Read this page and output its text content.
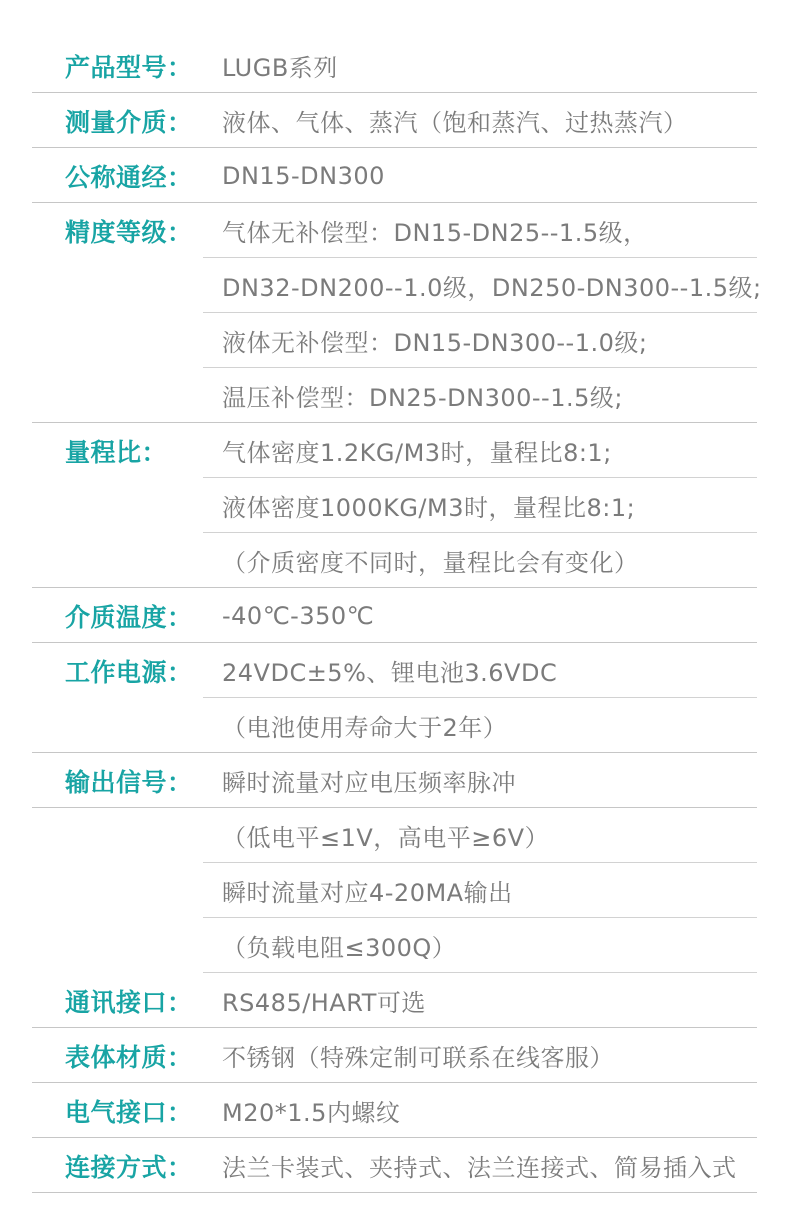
产品型号： LUGB系列
测量介质： 液体、气体、蒸汽（饱和蒸汽、过热蒸汽）
公称通经： DN15-DN300
精度等级： 气体无补偿型：DN15-DN25--1.5级，
DN32-DN200--1.0级，DN250-DN300--1.5级;
液体无补偿型：DN15-DN300--1.0级;
温压补偿型：DN25-DN300--1.5级;
量程比： 气体密度1.2KG/M3时，量程比8:1;
液体密度1000KG/M3时，量程比8:1;
（介质密度不同时，量程比会有变化）
介质温度： -40℃-350℃
工作电源： 24VDC±5%、锂电池3.6VDC
（电池使用寿命大于2年）
输出信号： 瞬时流量对应电压频率脉冲
（低电平≤1V，高电平≥6V）
瞬时流量对应4-20MA输出
（负载电阻≤300Q）
通讯接口： RS485/HART可选
表体材质： 不锈钢（特殊定制可联系在线客服）
电气接口： M20*1.5内螺纹
连接方式： 法兰卡装式、夹持式、法兰连接式、简易插入式
